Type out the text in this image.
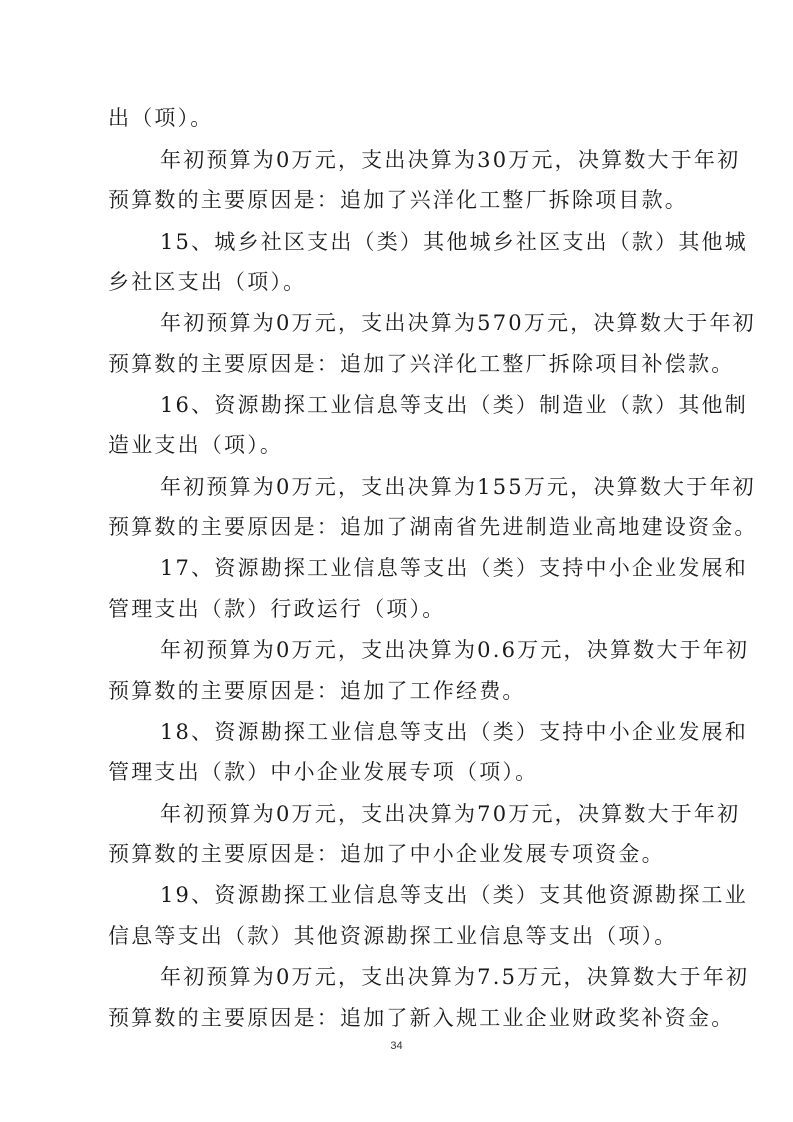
出（项）。
年初预算为0万元，支出决算为30万元，决算数大于年初
预算数的主要原因是：追加了兴洋化工整厂拆除项目款。
15、城乡社区支出（类）其他城乡社区支出（款）其他城
乡社区支出（项）。
年初预算为0万元，支出决算为570万元，决算数大于年初
预算数的主要原因是：追加了兴洋化工整厂拆除项目补偿款。
16、资源勘探工业信息等支出（类）制造业（款）其他制
造业支出（项）。
年初预算为0万元，支出决算为155万元，决算数大于年初
预算数的主要原因是：追加了湖南省先进制造业高地建设资金。
17、资源勘探工业信息等支出（类）支持中小企业发展和
管理支出（款）行政运行（项）。
年初预算为0万元，支出决算为0.6万元，决算数大于年初
预算数的主要原因是：追加了工作经费。
18、资源勘探工业信息等支出（类）支持中小企业发展和
管理支出（款）中小企业发展专项（项）。
年初预算为0万元，支出决算为70万元，决算数大于年初
预算数的主要原因是：追加了中小企业发展专项资金。
19、资源勘探工业信息等支出（类）支其他资源勘探工业
信息等支出（款）其他资源勘探工业信息等支出（项）。
年初预算为0万元，支出决算为7.5万元，决算数大于年初
预算数的主要原因是：追加了新入规工业企业财政奖补资金。
34
